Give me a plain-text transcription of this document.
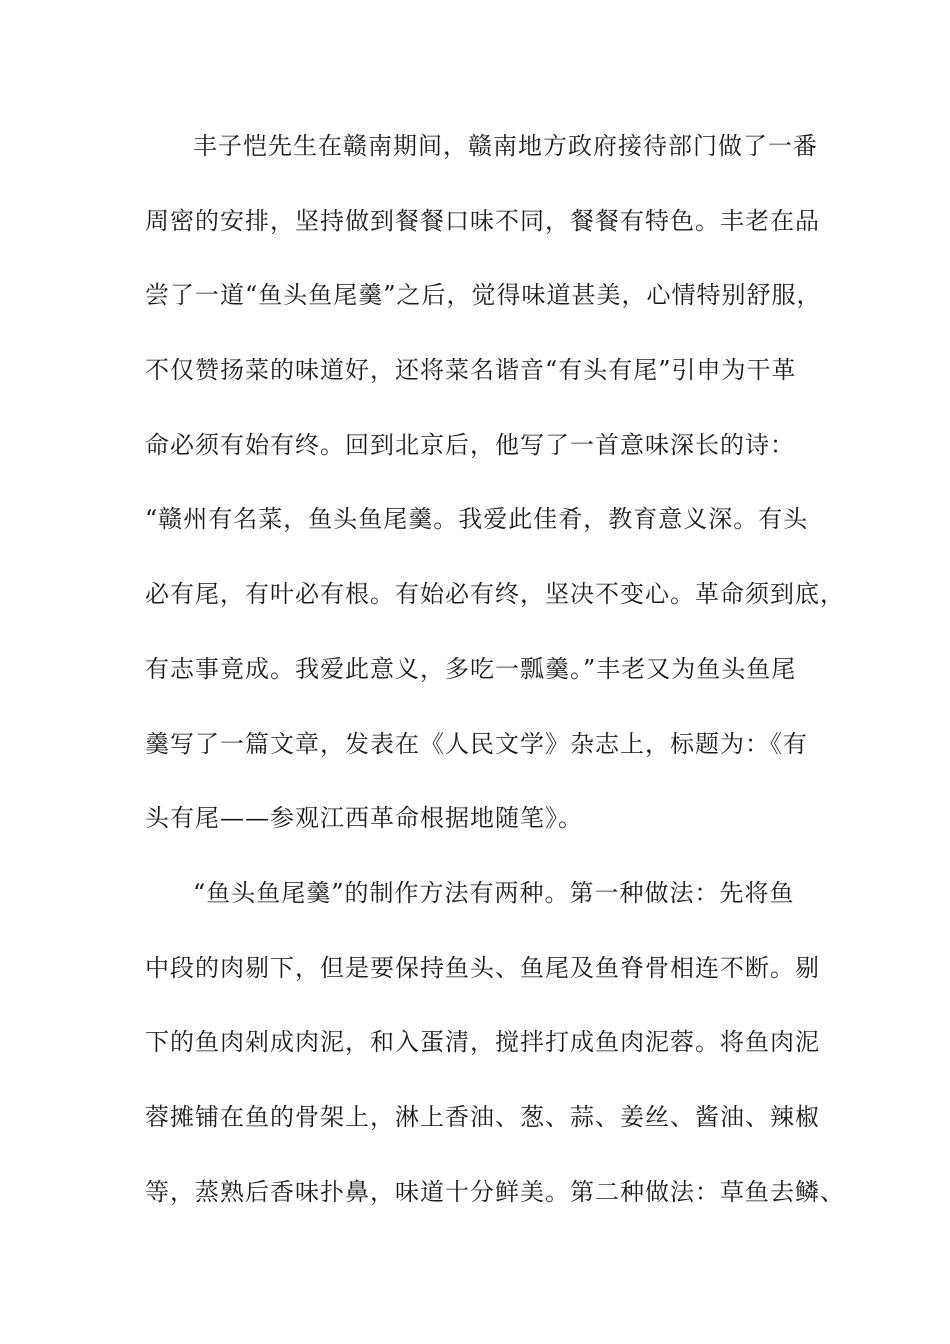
丰子恺先生在赣南期间，赣南地方政府接待部门做了一番
周密的安排，坚持做到餐餐口味不同，餐餐有特色。丰老在品
尝了一道“鱼头鱼尾羹”之后，觉得味道甚美，心情特别舒服，
不仅赞扬菜的味道好，还将菜名谐音“有头有尾”引申为干革
命必须有始有终。回到北京后，他写了一首意味深长的诗：
“赣州有名菜，鱼头鱼尾羹。我爱此佳肴，教育意义深。有头
必有尾，有叶必有根。有始必有终，坚决不变心。革命须到底，
有志事竟成。我爱此意义，多吃一瓢羹。”丰老又为鱼头鱼尾
羹写了一篇文章，发表在《人民文学》杂志上，标题为：《有
头有尾——参观江西革命根据地随笔》。
“鱼头鱼尾羹”的制作方法有两种。第一种做法：先将鱼
中段的肉剔下，但是要保持鱼头、鱼尾及鱼脊骨相连不断。剔
下的鱼肉剁成肉泥，和入蛋清，搅拌打成鱼肉泥蓉。将鱼肉泥
蓉摊铺在鱼的骨架上，淋上香油、葱、蒜、姜丝、酱油、辣椒
等，蒸熟后香味扑鼻，味道十分鲜美。第二种做法：草鱼去鳞、
